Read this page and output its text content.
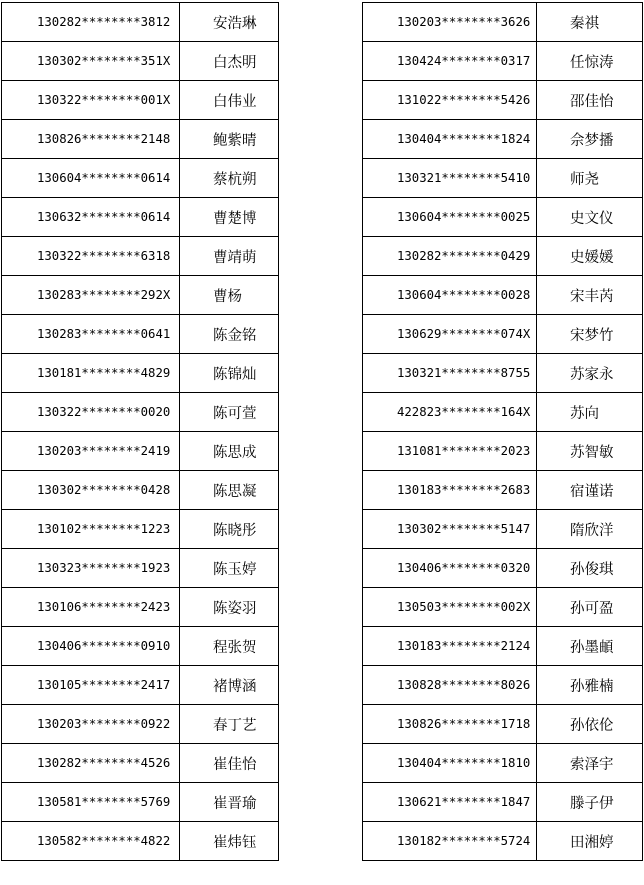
130282********3812	安浩琳
130302********351X	白杰明
130322********001X	白伟业
130826********2148	鲍紫晴
130604********0614	蔡杭朔
130632********0614	曹楚博
130322********6318	曹靖萌
130283********292X	曹杨
130283********0641	陈金铭
130181********4829	陈锦灿
130322********0020	陈可萱
130203********2419	陈思成
130302********0428	陈思凝
130102********1223	陈晓彤
130323********1923	陈玉婷
130106********2423	陈姿羽
130406********0910	程张贺
130105********2417	褚博涵
130203********0922	春丁艺
130282********4526	崔佳怡
130581********5769	崔晋瑜
130582********4822	崔炜钰
130203********3626	秦祺
130424********0317	任惊涛
131022********5426	邵佳怡
130404********1824	佘梦播
130321********5410	师尧
130604********0025	史文仪
130282********0429	史媛媛
130604********0028	宋丰芮
130629********074X	宋梦竹
130321********8755	苏家永
422823********164X	苏向
131081********2023	苏智敏
130183********2683	宿谨诺
130302********5147	隋欣洋
130406********0320	孙俊琪
130503********002X	孙可盈
130183********2124	孙墨頔
130828********8026	孙雅楠
130826********1718	孙依伦
130404********1810	索泽宇
130621********1847	滕子伊
130182********5724	田湘婷
